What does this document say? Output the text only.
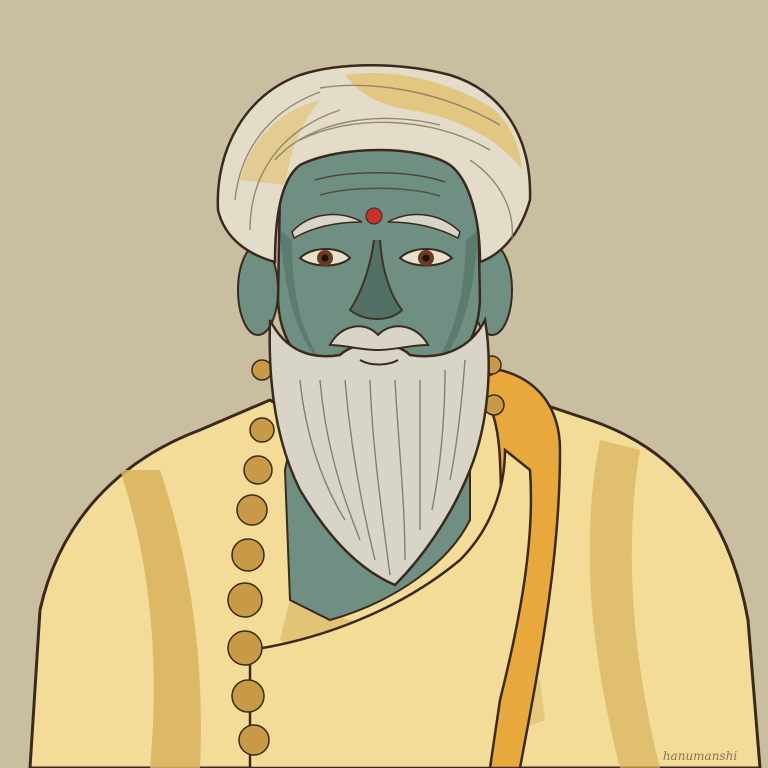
hanumanshi
